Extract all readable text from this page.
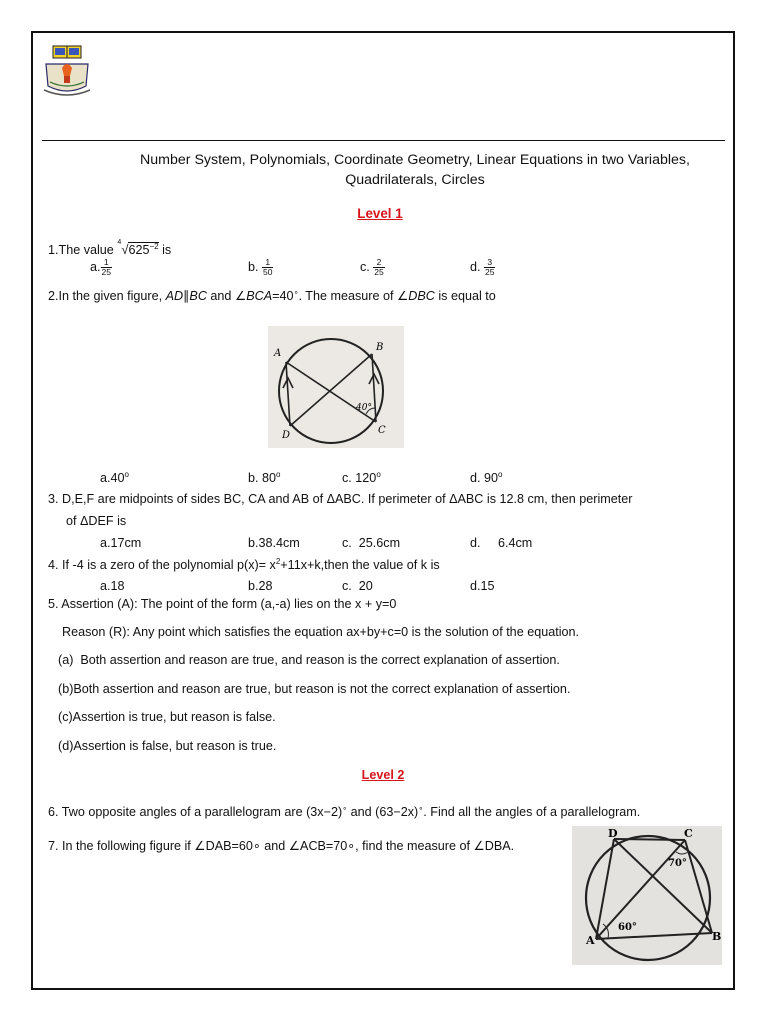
Number System, Polynomials, Coordinate Geometry, Linear Equations in two Variables, Quadrilaterals, Circles
Level 1
1.The value
4 $√625^{-2}$ is
a. $\frac{1}{25}$	b. $\frac{1}{50}$	c. $\frac{2}{25}$	d. $\frac{3}{25}$
2.In the given figure, AD∥BC and ∠BCA=40∘. The measure of ∠DBC is equal to
A
B
C
D
40°
a.40$^o$	b. 80$^o$	c. 120$^o$	d. 90$^o$
3. D,E,F are midpoints of sides BC, CA and AB of ΔABC. If perimeter of ΔABC is 12.8 cm, then perimeter
of ΔDEF is
a.17cm	b.38.4cm	c.  25.6cm	d.     6.4cm
4. If -4 is a zero of the polynomial $p(x)= x^2+11x+k,then$ the value of k is
a.18	b.28	c.  20	d.15
5. Assertion (A): The point of the form (a,-a) lies on the x + y=0
Reason (R): Any point which satisfies the equation ax+by+c=0 is the solution of the equation.
(a)  Both assertion and reason are true, and reason is the correct explanation of assertion.
(b)Both assertion and reason are true, but reason is not the correct explanation of assertion.
(c)Assertion is true, but reason is false.
(d)Assertion is false, but reason is true.
Level 2
6. Two opposite angles of a parallelogram are (3x−2)∘ and (63−2x)∘. Find all the angles of a parallelogram.
7. In the following figure if ∠DAB=60∘ and ∠ACB=70∘, find the measure of ∠DBA.
D	C
A	B
60°
70°
